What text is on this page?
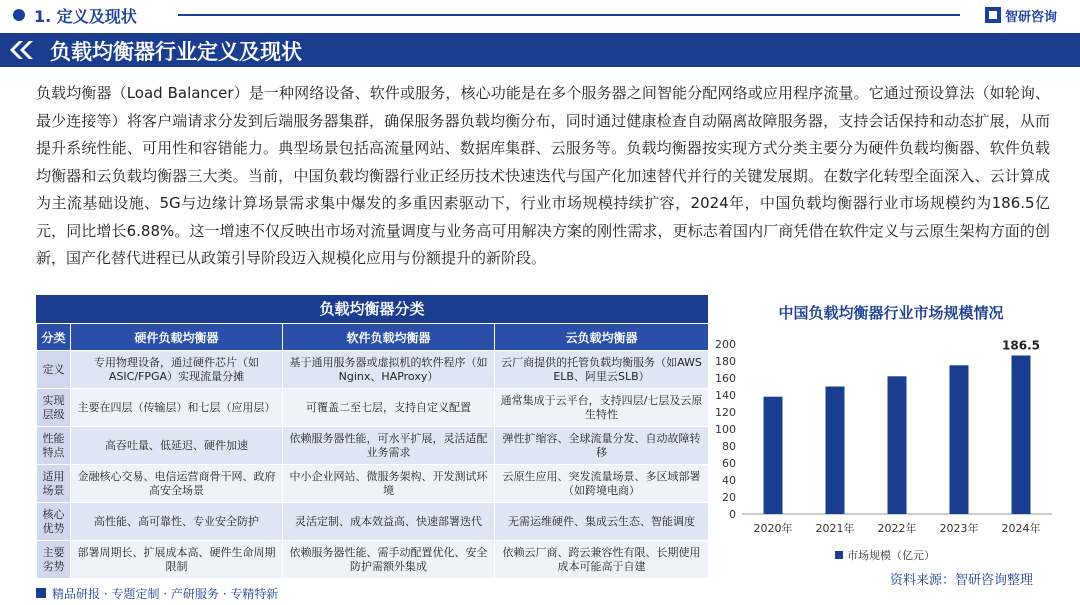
1. 定义及现状	智研咨询
负载均衡器行业定义及现状
负载均衡器（Load Balancer）是一种网络设备、软件或服务，核心功能是在多个服务器之间智能分配网络或应用程序流量。它通过预设算法（如轮询、最少连接等）将客户端请求分发到后端服务器集群，确保服务器负载均衡分布，同时通过健康检查自动隔离故障服务器，支持会话保持和动态扩展，从而提升系统性能、可用性和容错能力。典型场景包括高流量网站、数据库集群、云服务等。负载均衡器按实现方式分类主要分为硬件负载均衡器、软件负载均衡器和云负载均衡器三大类。当前，中国负载均衡器行业正经历技术快速迭代与国产化加速替代并行的关键发展期。在数字化转型全面深入、云计算成为主流基础设施、5G与边缘计算场景需求集中爆发的多重因素驱动下，行业市场规模持续扩容，2024年，中国负载均衡器行业市场规模约为186.5亿元，同比增长6.88%。这一增速不仅反映出市场对流量调度与业务高可用解决方案的刚性需求，更标志着国内厂商凭借在软件定义与云原生架构方面的创新，国产化替代进程已从政策引导阶段迈入规模化应用与份额提升的新阶段。
负载均衡器分类
分类	硬件负载均衡器	软件负载均衡器	云负载均衡器
定义	专用物理设备，通过硬件芯片（如ASIC/FPGA）实现流量分摊	基于通用服务器或虚拟机的软件程序（如Nginx、HAProxy）	云厂商提供的托管负载均衡服务（如AWS ELB、阿里云SLB）
实现层级	主要在四层（传输层）和七层（应用层）	可覆盖二至七层，支持自定义配置	通常集成于云平台，支持四层/七层及云原生特性
性能特点	高吞吐量、低延迟、硬件加速	依赖服务器性能，可水平扩展，灵活适配业务需求	弹性扩缩容、全球流量分发、自动故障转移
适用场景	金融核心交易、电信运营商骨干网、政府高安全场景	中小企业网站、微服务架构、开发测试环境	云原生应用、突发流量场景、多区域部署（如跨境电商）
核心优势	高性能、高可靠性、专业安全防护	灵活定制、成本效益高、快速部署迭代	无需运维硬件、集成云生态、智能调度
主要劣势	部署周期长、扩展成本高、硬件生命周期限制	依赖服务器性能、需手动配置优化、安全防护需额外集成	依赖云厂商、跨云兼容性有限、长期使用成本可能高于自建
中国负载均衡器行业市场规模情况
0
20
40
60
80
100
120
140
160
180
200
2020年 2021年 2022年 2023年 2024年
186.5
市场规模（亿元）
资料来源：智研咨询整理
精品研报 · 专题定制 · 产研服务 · 专精特新
